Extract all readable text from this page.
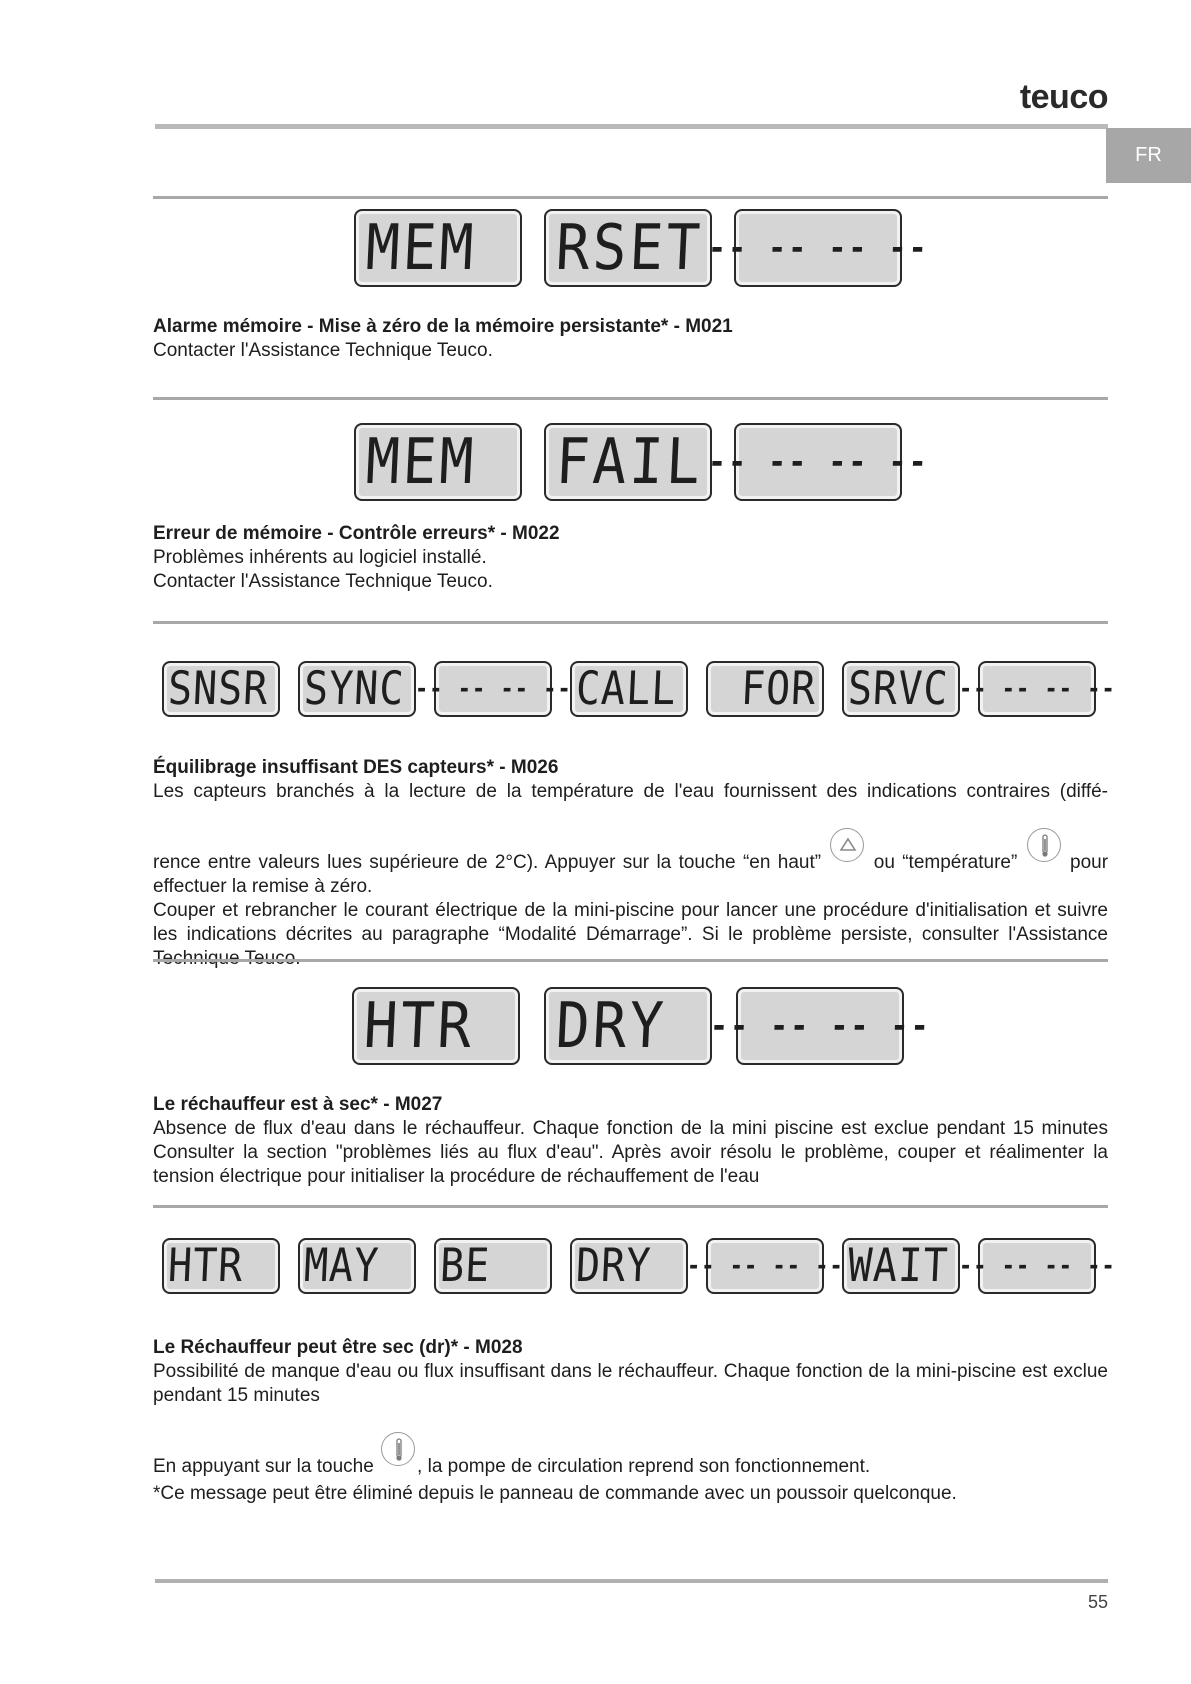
teuco
FR
MEM RSET -- -- -- --

Alarme mémoire - Mise à zéro de la mémoire persistante* - M021

Contacter l'Assistance Technique Teuco.

MEM FAIL -- -- -- --

Erreur de mémoire - Contrôle erreurs* - M022

Problèmes inhérents au logiciel installé.

Contacter l'Assistance Technique Teuco.

SNSR SYNC -- -- -- -- CALL FOR SRVC -- -- -- --

Équilibrage insuffisant DES capteurs* - M026

Les capteurs branchés à la lecture de la température de l'eau fournissent des indications contraires (diffé-

rence entre valeurs lues supérieure de 2°C). Appuyer sur la touche “en haut”	ou “température”	pour

effectuer la remise à zéro.

Couper et rebrancher le courant électrique de la mini-piscine pour lancer une procédure d'initialisation et suivre les indications décrites au paragraphe “Modalité Démarrage”. Si le problème persiste, consulter l'Assistance

HTR DRY -- -- -- --

Le réchauffeur est à sec* - M027

Absence de flux d'eau dans le réchauffeur. Chaque fonction de la mini piscine est exclue pendant 15 minutes

Consulter la section "problèmes liés au flux d'eau". Après avoir résolu le problème, couper et réalimenter la

tension électrique pour initialiser la procédure de réchauffement de l'eau

HTR MAY BE DRY -- -- -- -- WAIT -- -- -- --

Le Réchauffeur peut être sec (dr)* - M028

Possibilité de manque d'eau ou flux insuffisant dans le réchauffeur. Chaque fonction de la mini-piscine est exclue pendant 15 minutes

En appuyant sur la touche , la pompe de circulation reprend son fonctionnement.

*Ce message peut être éliminé depuis le panneau de commande avec un poussoir quelconque.
55
